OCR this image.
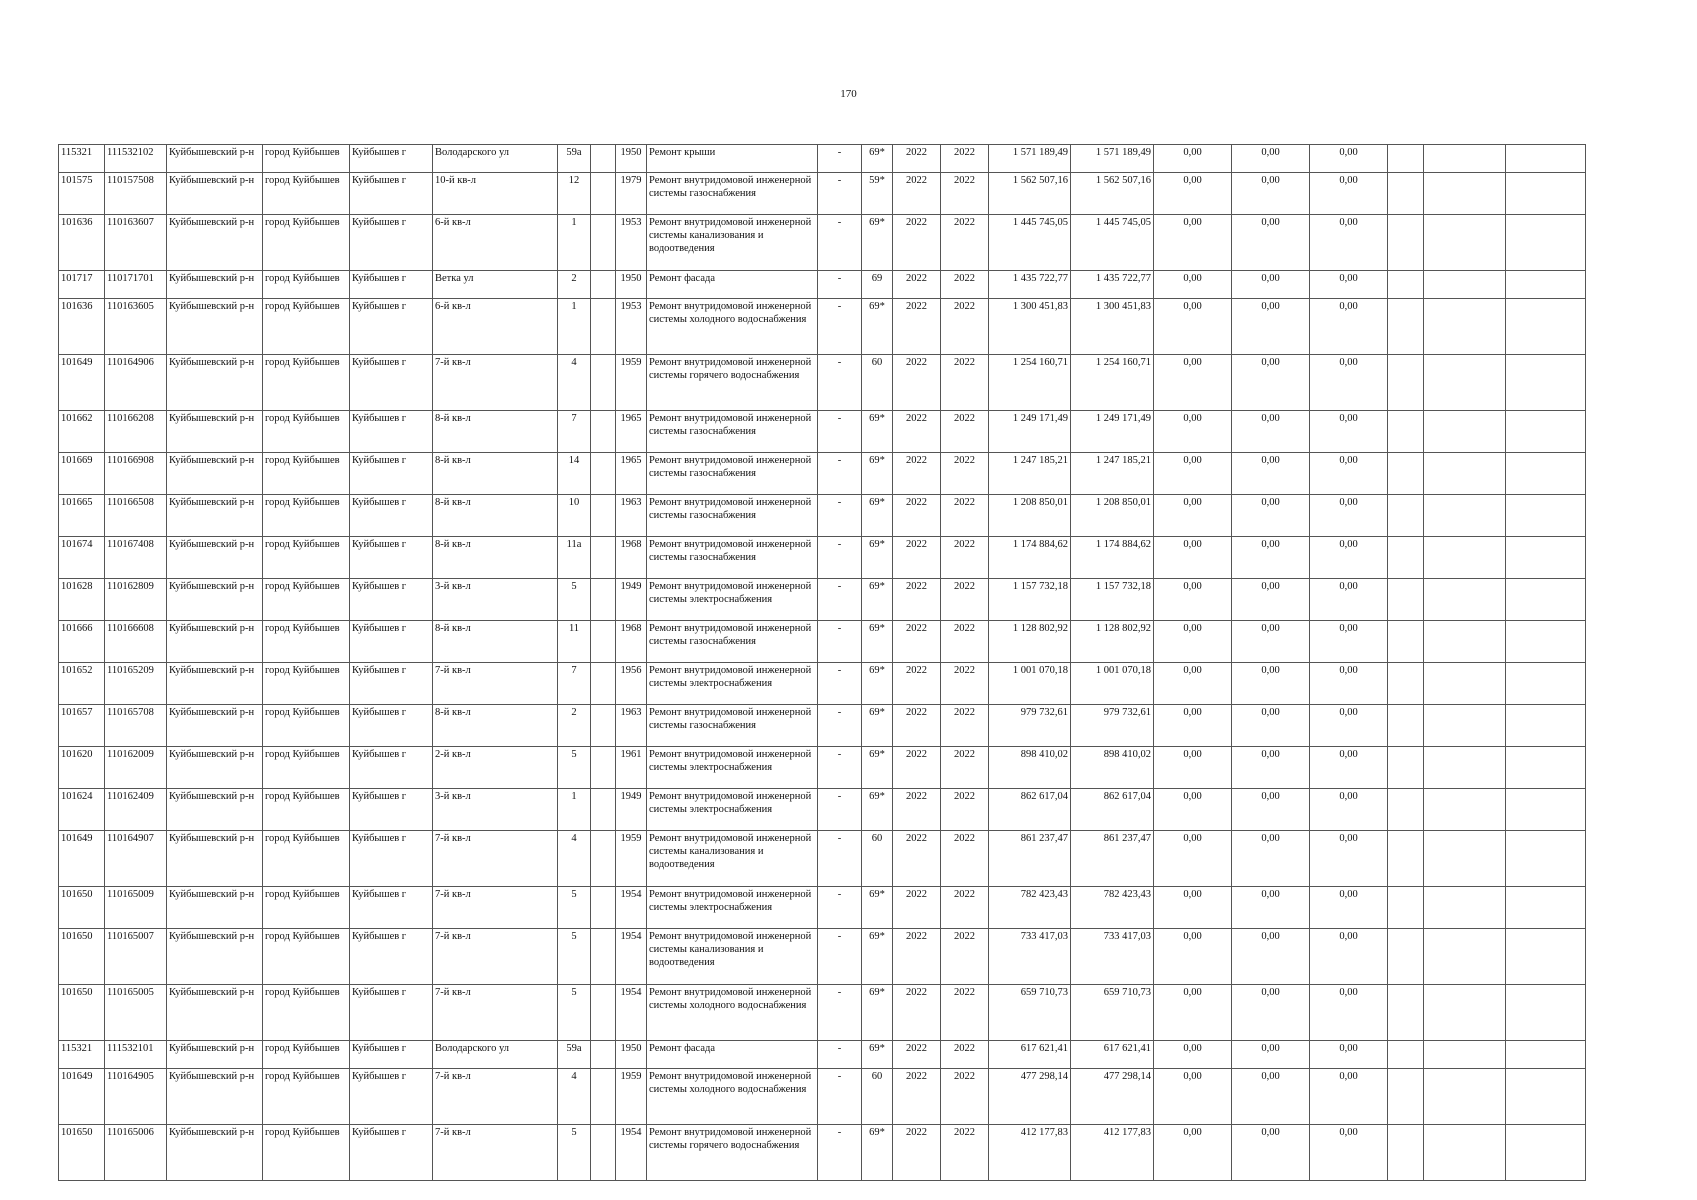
170
115321	111532102	Куйбышевский р-н	город Куйбышев	Куйбышев г	Володарского ул	59а		1950	Ремонт крыши	-	69*	2022	2022	1 571 189,49	1 571 189,49	0,00	0,00	0,00			
101575	110157508	Куйбышевский р-н	город Куйбышев	Куйбышев г	10-й кв-л	12		1979	Ремонт внутридомовой инженерной системы газоснабжения	-	59*	2022	2022	1 562 507,16	1 562 507,16	0,00	0,00	0,00			
101636	110163607	Куйбышевский р-н	город Куйбышев	Куйбышев г	6-й кв-л	1		1953	Ремонт внутридомовой инженерной системы канализования и водоотведения	-	69*	2022	2022	1 445 745,05	1 445 745,05	0,00	0,00	0,00			
101717	110171701	Куйбышевский р-н	город Куйбышев	Куйбышев г	Ветка ул	2		1950	Ремонт фасада	-	69	2022	2022	1 435 722,77	1 435 722,77	0,00	0,00	0,00			
101636	110163605	Куйбышевский р-н	город Куйбышев	Куйбышев г	6-й кв-л	1		1953	Ремонт внутридомовой инженерной системы холодного водоснабжения	-	69*	2022	2022	1 300 451,83	1 300 451,83	0,00	0,00	0,00			
101649	110164906	Куйбышевский р-н	город Куйбышев	Куйбышев г	7-й кв-л	4		1959	Ремонт внутридомовой инженерной системы горячего водоснабжения	-	60	2022	2022	1 254 160,71	1 254 160,71	0,00	0,00	0,00			
101662	110166208	Куйбышевский р-н	город Куйбышев	Куйбышев г	8-й кв-л	7		1965	Ремонт внутридомовой инженерной системы газоснабжения	-	69*	2022	2022	1 249 171,49	1 249 171,49	0,00	0,00	0,00			
101669	110166908	Куйбышевский р-н	город Куйбышев	Куйбышев г	8-й кв-л	14		1965	Ремонт внутридомовой инженерной системы газоснабжения	-	69*	2022	2022	1 247 185,21	1 247 185,21	0,00	0,00	0,00			
101665	110166508	Куйбышевский р-н	город Куйбышев	Куйбышев г	8-й кв-л	10		1963	Ремонт внутридомовой инженерной системы газоснабжения	-	69*	2022	2022	1 208 850,01	1 208 850,01	0,00	0,00	0,00			
101674	110167408	Куйбышевский р-н	город Куйбышев	Куйбышев г	8-й кв-л	11а		1968	Ремонт внутридомовой инженерной системы газоснабжения	-	69*	2022	2022	1 174 884,62	1 174 884,62	0,00	0,00	0,00			
101628	110162809	Куйбышевский р-н	город Куйбышев	Куйбышев г	3-й кв-л	5		1949	Ремонт внутридомовой инженерной системы электроснабжения	-	69*	2022	2022	1 157 732,18	1 157 732,18	0,00	0,00	0,00			
101666	110166608	Куйбышевский р-н	город Куйбышев	Куйбышев г	8-й кв-л	11		1968	Ремонт внутридомовой инженерной системы газоснабжения	-	69*	2022	2022	1 128 802,92	1 128 802,92	0,00	0,00	0,00			
101652	110165209	Куйбышевский р-н	город Куйбышев	Куйбышев г	7-й кв-л	7		1956	Ремонт внутридомовой инженерной системы электроснабжения	-	69*	2022	2022	1 001 070,18	1 001 070,18	0,00	0,00	0,00			
101657	110165708	Куйбышевский р-н	город Куйбышев	Куйбышев г	8-й кв-л	2		1963	Ремонт внутридомовой инженерной системы газоснабжения	-	69*	2022	2022	979 732,61	979 732,61	0,00	0,00	0,00			
101620	110162009	Куйбышевский р-н	город Куйбышев	Куйбышев г	2-й кв-л	5		1961	Ремонт внутридомовой инженерной системы электроснабжения	-	69*	2022	2022	898 410,02	898 410,02	0,00	0,00	0,00			
101624	110162409	Куйбышевский р-н	город Куйбышев	Куйбышев г	3-й кв-л	1		1949	Ремонт внутридомовой инженерной системы электроснабжения	-	69*	2022	2022	862 617,04	862 617,04	0,00	0,00	0,00			
101649	110164907	Куйбышевский р-н	город Куйбышев	Куйбышев г	7-й кв-л	4		1959	Ремонт внутридомовой инженерной системы канализования и водоотведения	-	60	2022	2022	861 237,47	861 237,47	0,00	0,00	0,00			
101650	110165009	Куйбышевский р-н	город Куйбышев	Куйбышев г	7-й кв-л	5		1954	Ремонт внутридомовой инженерной системы электроснабжения	-	69*	2022	2022	782 423,43	782 423,43	0,00	0,00	0,00			
101650	110165007	Куйбышевский р-н	город Куйбышев	Куйбышев г	7-й кв-л	5		1954	Ремонт внутридомовой инженерной системы канализования и водоотведения	-	69*	2022	2022	733 417,03	733 417,03	0,00	0,00	0,00			
101650	110165005	Куйбышевский р-н	город Куйбышев	Куйбышев г	7-й кв-л	5		1954	Ремонт внутридомовой инженерной системы холодного водоснабжения	-	69*	2022	2022	659 710,73	659 710,73	0,00	0,00	0,00			
115321	111532101	Куйбышевский р-н	город Куйбышев	Куйбышев г	Володарского ул	59а		1950	Ремонт фасада	-	69*	2022	2022	617 621,41	617 621,41	0,00	0,00	0,00			
101649	110164905	Куйбышевский р-н	город Куйбышев	Куйбышев г	7-й кв-л	4		1959	Ремонт внутридомовой инженерной системы холодного водоснабжения	-	60	2022	2022	477 298,14	477 298,14	0,00	0,00	0,00			
101650	110165006	Куйбышевский р-н	город Куйбышев	Куйбышев г	7-й кв-л	5		1954	Ремонт внутридомовой инженерной системы горячего водоснабжения	-	69*	2022	2022	412 177,83	412 177,83	0,00	0,00	0,00			
